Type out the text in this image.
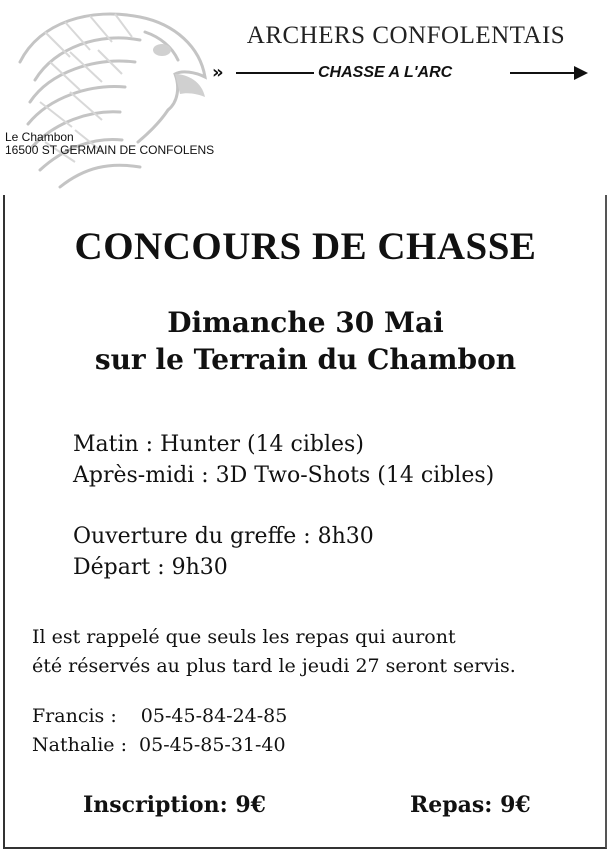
ARCHERS CONFOLENTAIS
»	CHASSE A L'ARC
Le Chambon
16500 ST GERMAIN DE CONFOLENS
CONCOURS DE CHASSE
Dimanche 30 Mai
sur le Terrain du Chambon
Matin : Hunter (14 cibles)
Après-midi : 3D Two-Shots (14 cibles)
Ouverture du greffe : 8h30
Départ : 9h30
Il est rappelé que seuls les repas qui auront
été réservés au plus tard le jeudi 27 seront servis.
Francis : 05-45-84-24-85
Nathalie : 05-45-85-31-40
Inscription: 9€	Repas: 9€
